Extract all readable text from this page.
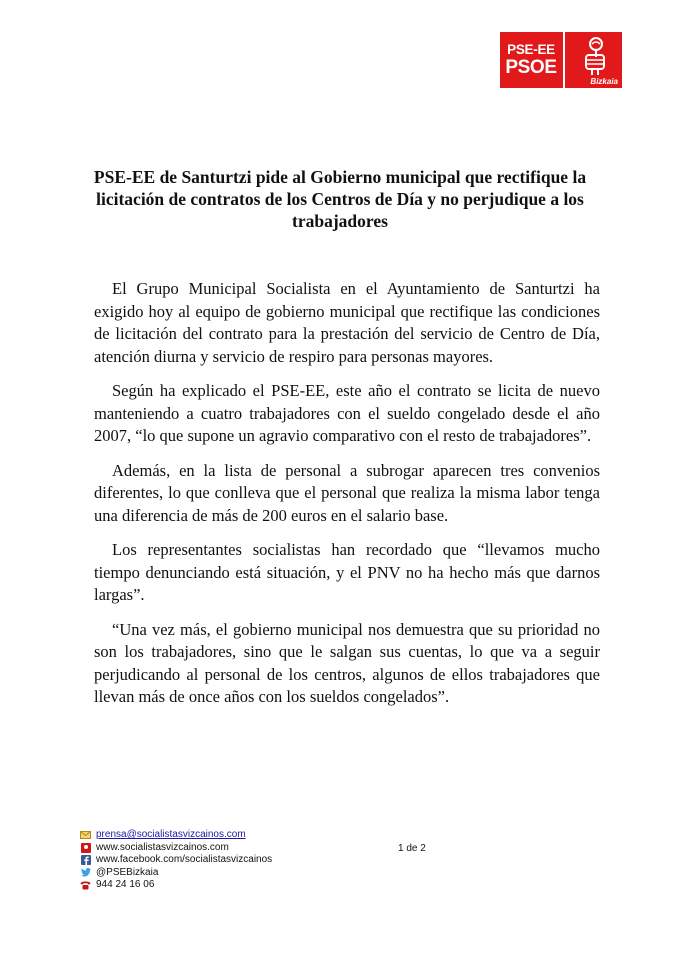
PSE-EE
PSOE
Bizkaia
PSE-EE de Santurtzi pide al Gobierno municipal que rectifique la licitación de contratos de los Centros de Día y no perjudique a los trabajadores

El Grupo Municipal Socialista en el Ayuntamiento de Santurtzi ha exigido hoy al equipo de gobierno municipal que rectifique las condiciones de licitación del contrato para la prestación del servicio de Centro de Día, atención diurna y servicio de respiro para personas mayores.

Según ha explicado el PSE-EE, este año el contrato se licita de nuevo manteniendo a cuatro trabajadores con el sueldo congelado desde el año 2007, “lo que supone un agravio comparativo con el resto de trabajadores”.

Además, en la lista de personal a subrogar aparecen tres convenios diferentes, lo que conlleva que el personal que realiza la misma labor tenga una diferencia de más de 200 euros en el salario base.

Los representantes socialistas han recordado que “llevamos mucho tiempo denunciando está situación, y el PNV no ha hecho más que darnos largas”.

“Una vez más, el gobierno municipal nos demuestra que su prioridad no son los trabajadores, sino que le salgan sus cuentas, lo que va a seguir perjudicando al personal de los centros, algunos de ellos trabajadores que llevan más de once años con los sueldos congelados”.

prensa@socialistasvizcainos.com
www.socialistasvizcainos.com
www.facebook.com/socialistasvizcainos
@PSEBizkaia
944 24 16 06
1 de 2
